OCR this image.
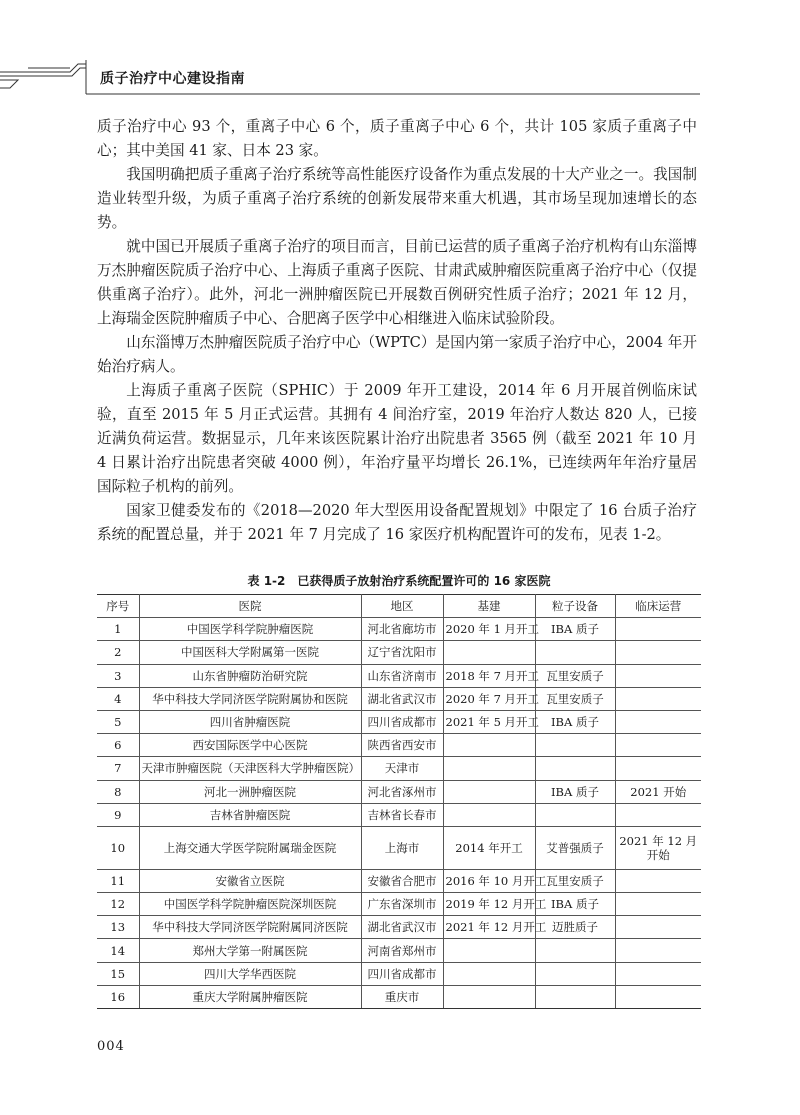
质子治疗中心建设指南

质子治疗中心 93 个，重离子中心 6 个，质子重离子中心 6 个，共计 105 家质子重离子中心；其中美国 41 家、日本 23 家。

我国明确把质子重离子治疗系统等高性能医疗设备作为重点发展的十大产业之一。我国制造业转型升级，为质子重离子治疗系统的创新发展带来重大机遇，其市场呈现加速增长的态势。

就中国已开展质子重离子治疗的项目而言，目前已运营的质子重离子治疗机构有山东淄博万杰肿瘤医院质子治疗中心、上海质子重离子医院、甘肃武威肿瘤医院重离子治疗中心（仅提供重离子治疗）。此外，河北一洲肿瘤医院已开展数百例研究性质子治疗；2021 年 12 月，上海瑞金医院肿瘤质子中心、合肥离子医学中心相继进入临床试验阶段。

山东淄博万杰肿瘤医院质子治疗中心（WPTC）是国内第一家质子治疗中心，2004 年开始治疗病人。

上海质子重离子医院（SPHIC）于 2009 年开工建设，2014 年 6 月开展首例临床试验，直至 2015 年 5 月正式运营。其拥有 4 间治疗室，2019 年治疗人数达 820 人，已接近满负荷运营。数据显示，几年来该医院累计治疗出院患者 3565 例（截至 2021 年 10 月 4 日累计治疗出院患者突破 4000 例），年治疗量平均增长 26.1%，已连续两年年治疗量居国际粒子机构的前列。

国家卫健委发布的《2018—2020 年大型医用设备配置规划》中限定了 16 台质子治疗系统的配置总量，并于 2021 年 7 月完成了 16 家医疗机构配置许可的发布，见表 1-2。

表 1-2　已获得质子放射治疗系统配置许可的 16 家医院
序号	医院	地区	基建	粒子设备	临床运营
1	中国医学科学院肿瘤医院	河北省廊坊市	2020 年 1 月开工	IBA 质子	
2	中国医科大学附属第一医院	辽宁省沈阳市			
3	山东省肿瘤防治研究院	山东省济南市	2018 年 7 月开工	瓦里安质子	
4	华中科技大学同济医学院附属协和医院	湖北省武汉市	2020 年 7 月开工	瓦里安质子	
5	四川省肿瘤医院	四川省成都市	2021 年 5 月开工	IBA 质子	
6	西安国际医学中心医院	陕西省西安市			
7	天津市肿瘤医院（天津医科大学肿瘤医院）	天津市			
8	河北一洲肿瘤医院	河北省涿州市		IBA 质子	2021 开始
9	吉林省肿瘤医院	吉林省长春市			
10	上海交通大学医学院附属瑞金医院	上海市	2014 年开工	艾普强质子	2021 年 12 月开始
11	安徽省立医院	安徽省合肥市	2016 年 10 月开工	瓦里安质子	
12	中国医学科学院肿瘤医院深圳医院	广东省深圳市	2019 年 12 月开工	IBA 质子	
13	华中科技大学同济医学院附属同济医院	湖北省武汉市	2021 年 12 月开工	迈胜质子	
14	郑州大学第一附属医院	河南省郑州市			
15	四川大学华西医院	四川省成都市			
16	重庆大学附属肿瘤医院	重庆市			
004
